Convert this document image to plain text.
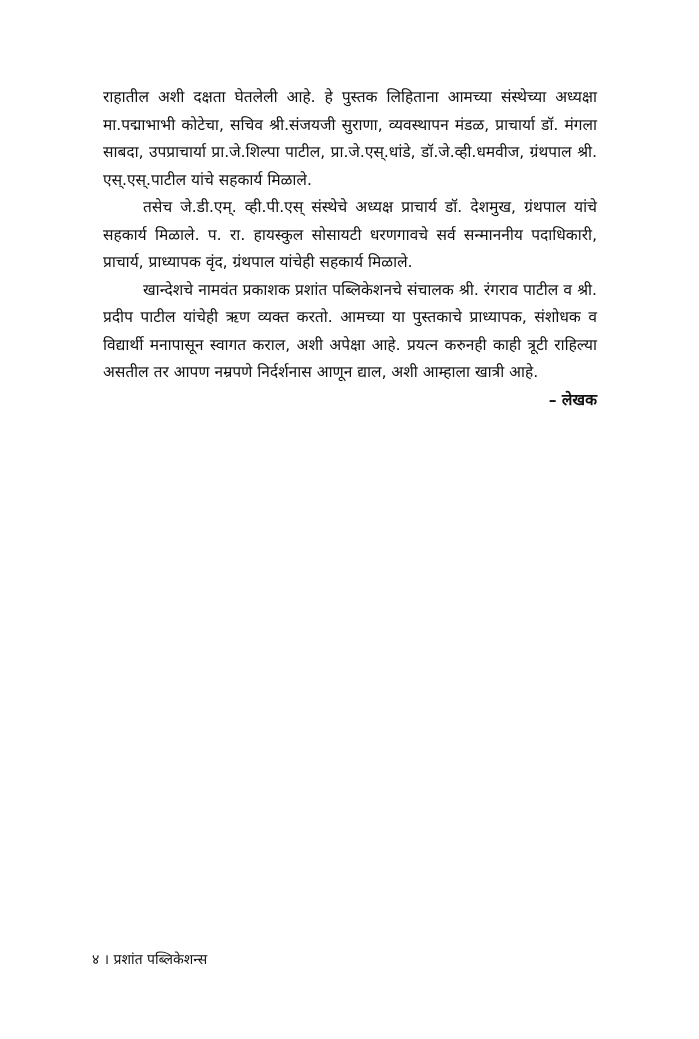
राहातील अशी दक्षता घेतलेली आहे. हे पुस्तक लिहिताना आमच्या संस्थेच्या अध्यक्षा मा.पद्माभाभी कोटेचा, सचिव श्री.संजयजी सुराणा, व्यवस्थापन मंडळ, प्राचार्या डॉ. मंगला साबदा, उपप्राचार्या प्रा.जे.शिल्पा पाटील, प्रा.जे.एस्.धांडे, डॉ.जे.व्ही.धमवीज, ग्रंथपाल श्री. एस्.एस्.पाटील यांचे सहकार्य मिळाले.

तसेच जे.डी.एम्. व्ही.पी.एस् संस्थेचे अध्यक्ष प्राचार्य डॉ. देशमुख, ग्रंथपाल यांचे सहकार्य मिळाले. प. रा. हायस्कुल सोसायटी धरणगावचे सर्व सन्माननीय पदाधिकारी, प्राचार्य, प्राध्यापक वृंद, ग्रंथपाल यांचेही सहकार्य मिळाले.

खान्देशचे नामवंत प्रकाशक प्रशांत पब्लिकेशनचे संचालक श्री. रंगराव पाटील व श्री. प्रदीप पाटील यांचेही ऋण व्यक्त करतो. आमच्या या पुस्तकाचे प्राध्यापक, संशोधक व विद्यार्थी मनापासून स्वागत कराल, अशी अपेक्षा आहे. प्रयत्न करुनही काही त्रूटी राहिल्या असतील तर आपण नम्रपणे निर्दर्शनास आणून द्याल, अशी आम्हाला खात्री आहे.

– लेखक

४ । प्रशांत पब्लिकेशन्स
